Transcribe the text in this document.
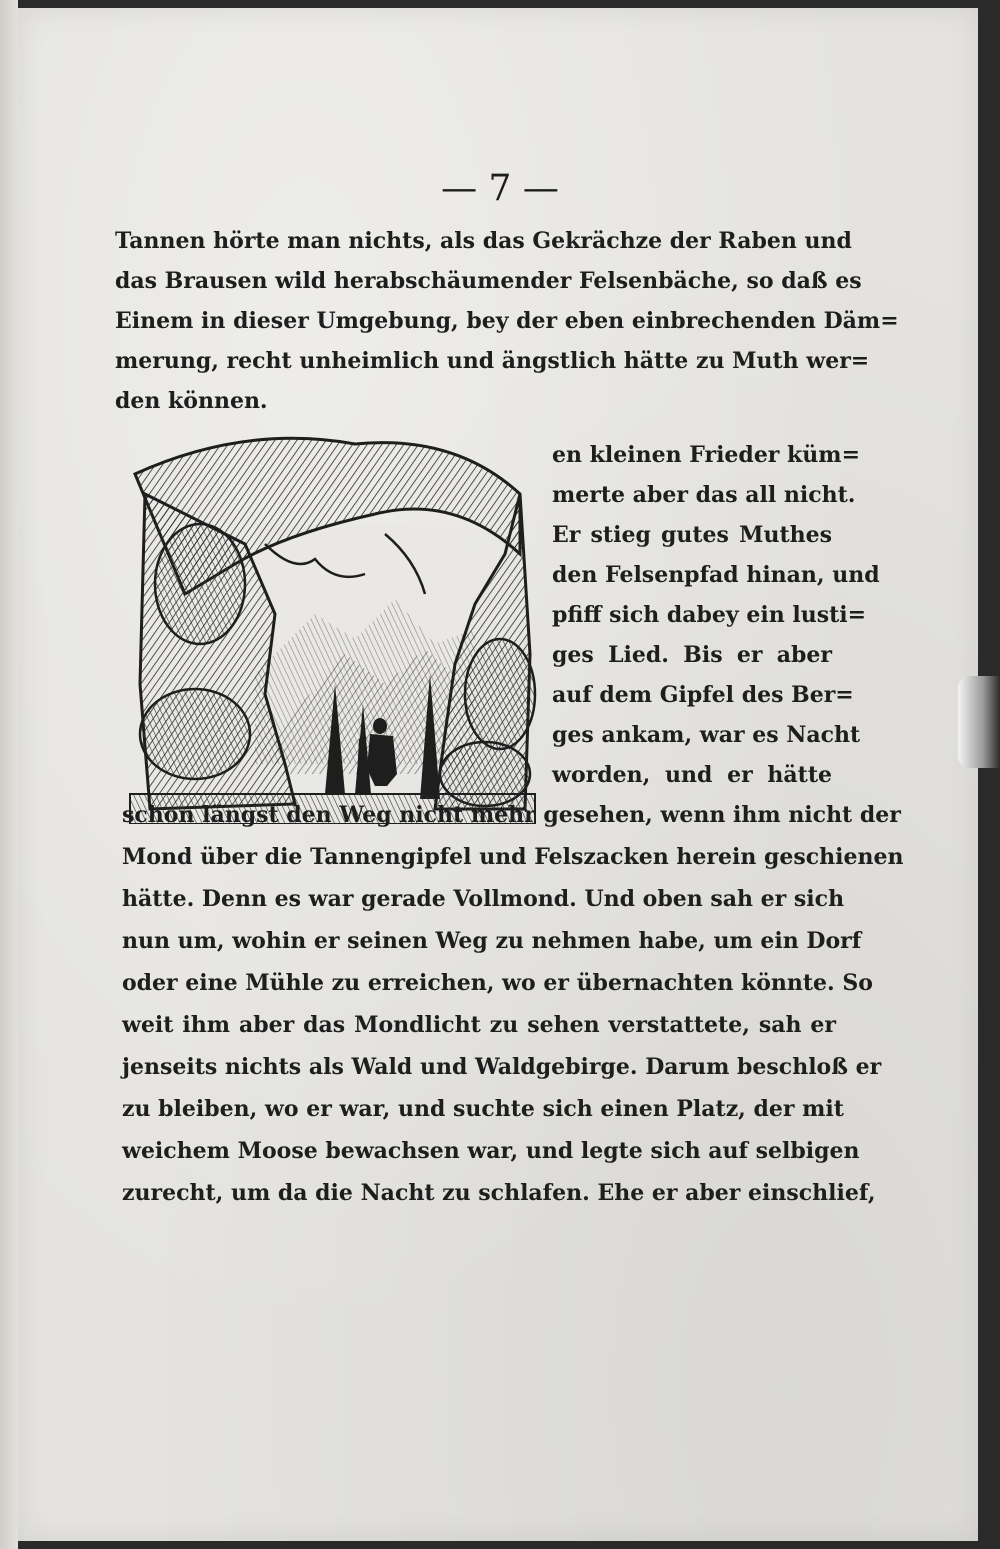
— 7 —
Tannen hörte man nichts, als das Gekrächze der Raben und
das Brausen wild herabschäumender Felsenbäche, so daß es
Einem in dieser Umgebung, bey der eben einbrechenden Däm=
merung, recht unheimlich und ängstlich hätte zu Muth wer=
den können.
en kleinen Frieder küm=
merte aber das all nicht.
Er stieg gutes Muthes
den Felsenpfad hinan, und
pfiff sich dabey ein lusti=
ges Lied. Bis er aber
auf dem Gipfel des Ber=
ges ankam, war es Nacht
worden, und er hätte
schon längst den Weg nicht mehr gesehen, wenn ihm nicht der
Mond über die Tannengipfel und Felszacken herein geschienen
hätte. Denn es war gerade Vollmond. Und oben sah er sich
nun um, wohin er seinen Weg zu nehmen habe, um ein Dorf
oder eine Mühle zu erreichen, wo er übernachten könnte. So
weit ihm aber das Mondlicht zu sehen verstattete, sah er
jenseits nichts als Wald und Waldgebirge. Darum beschloß er
zu bleiben, wo er war, und suchte sich einen Platz, der mit
weichem Moose bewachsen war, und legte sich auf selbigen
zurecht, um da die Nacht zu schlafen. Ehe er aber einschlief,
